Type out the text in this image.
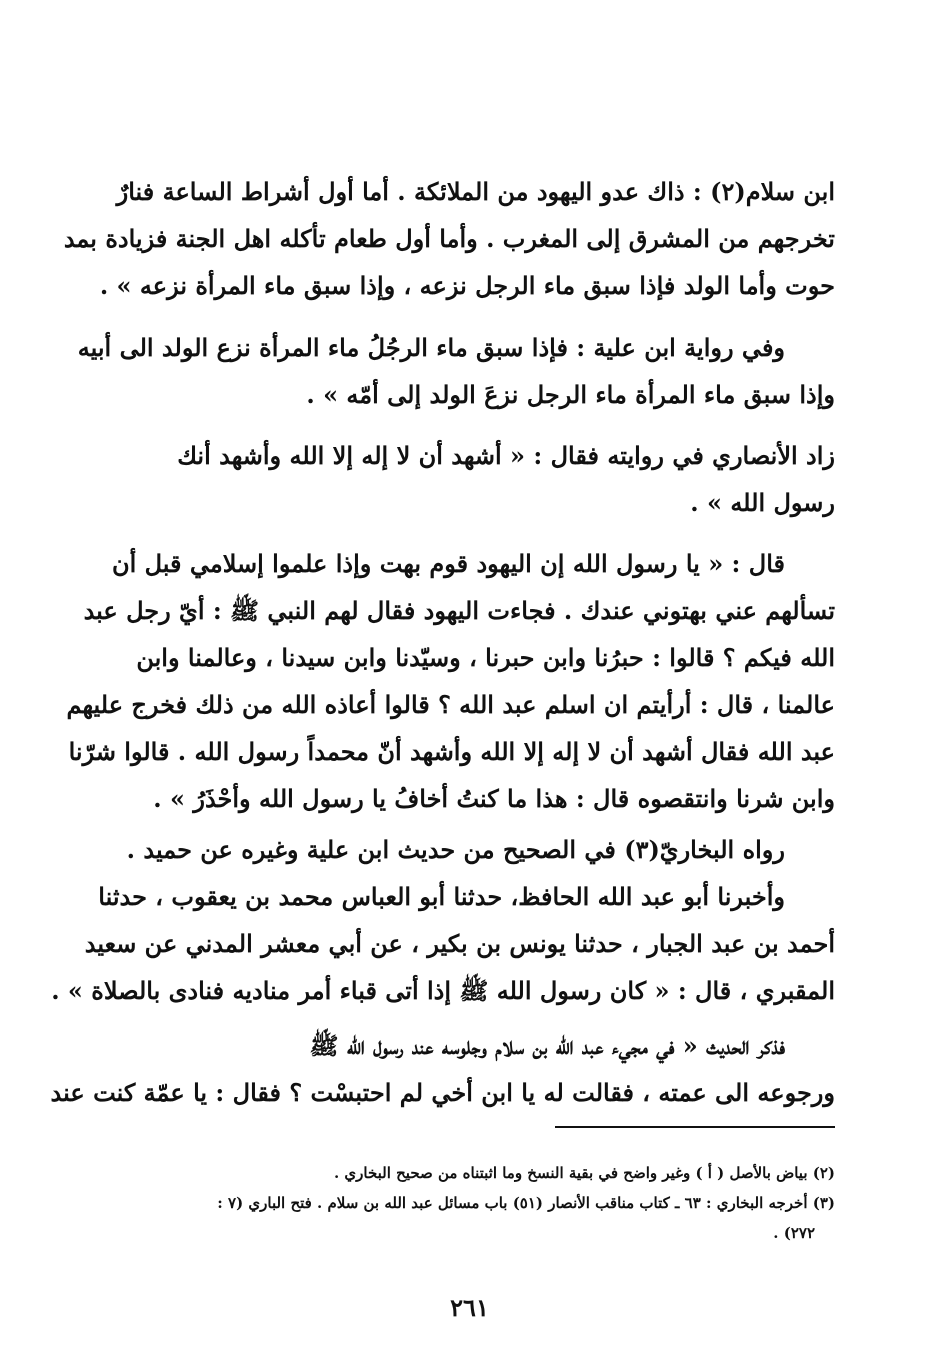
ابن سلام(٢) : ذاك عدو اليهود من الملائكة . أما أول أشراط الساعة فنارٌ
تخرجهم من المشرق إلى المغرب . وأما أول طعام تأكله اهل الجنة فزيادة بمد
حوت وأما الولد فإذا سبق ماء الرجل نزعه ، وإذا سبق ماء المرأة نزعه » .
وفي رواية ابن علية : فإذا سبق ماء الرجُلُ ماء المرأة نزع الولد الى أبيه
وإذا سبق ماء المرأة ماء الرجل نزعَ الولد إلى أمّه » .
زاد الأنصاري في روايته فقال : « أشهد أن لا إله إلا الله وأشهد أنك
رسول الله » .
قال : « يا رسول الله إن اليهود قوم بهت وإذا علموا إسلامي قبل أن
تسألهم عني بهتوني عندك . فجاءت اليهود فقال لهم النبي ﷺ : أيّ رجل عبد
الله فيكم ؟ قالوا : حبرُنا وابن حبرنا ، وسيّدنا وابن سيدنا ، وعالمنا وابن
عالمنا ، قال : أرأيتم ان اسلم عبد الله ؟ قالوا أعاذه الله من ذلك فخرج عليهم
عبد الله فقال أشهد أن لا إله إلا الله وأشهد أنّ محمداً رسول الله . قالوا شرّنا
وابن شرنا وانتقصوه قال : هذا ما كنتُ أخافُ يا رسول الله وأحْذَرُ » .
رواه البخاريّ(٣) في الصحيح من حديث ابن علية وغيره عن حميد .
وأخبرنا أبو عبد الله الحافظ، حدثنا أبو العباس محمد بن يعقوب ، حدثنا
أحمد بن عبد الجبار ، حدثنا يونس بن بكير ، عن أبي معشر المدني عن سعيد
المقبري ، قال : « كان رسول الله ﷺ إذا أتى قباء أمر مناديه فنادى بالصلاة » .
فذكر الحديث « في مجيء عبد الله بن سلام وجلوسه عند رسول الله ﷺ
ورجوعه الى عمته ، فقالت له يا ابن أخي لم احتبسْت ؟ فقال : يا عمّة كنت عند
(٢) بياض بالأصل ( أ ) وغير واضح في بقية النسخ وما اثبتناه من صحيح البخاري .
(٣) أخرجه البخاري : ٦٣ ـ كتاب مناقب الأنصار (٥١) باب مسائل عبد الله بن سلام . فتح الباري (٧ :
٢٧٢) .
٢٦١
